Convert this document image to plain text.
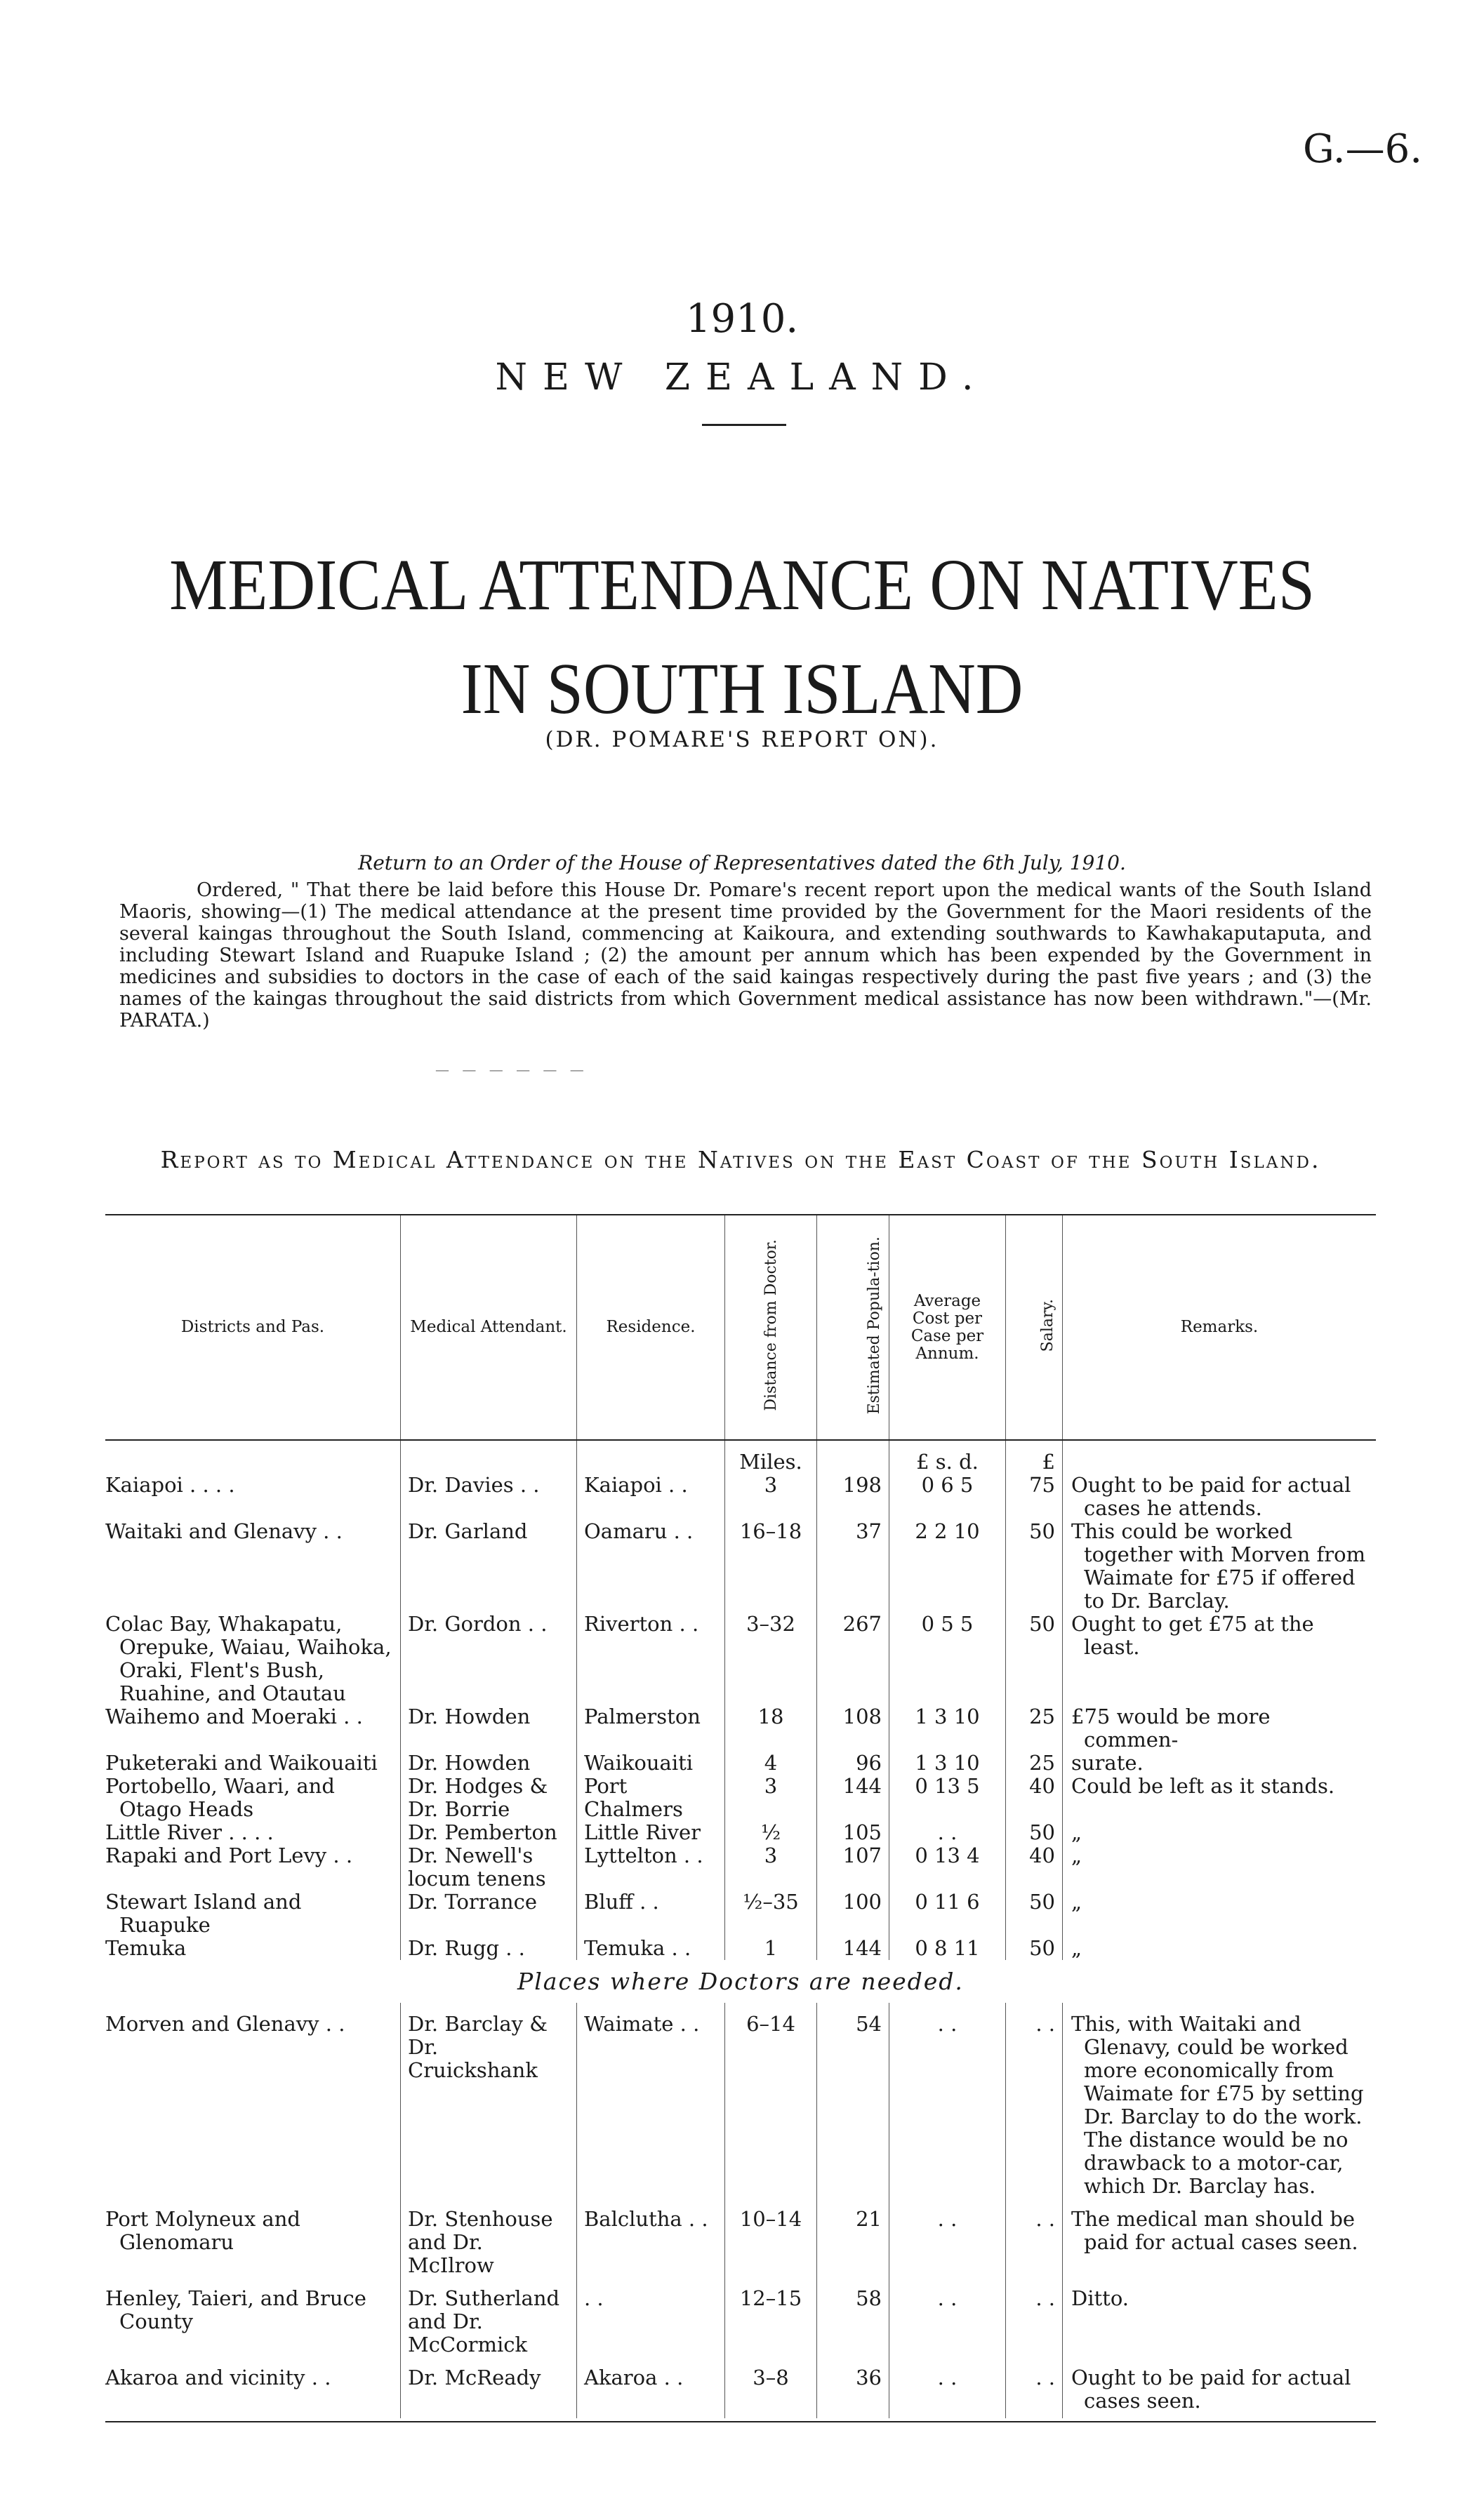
G.—6.
1910.
NEW ZEALAND.
MEDICAL ATTENDANCE ON NATIVES IN SOUTH ISLAND
(DR. POMARE'S REPORT ON).
Return to an Order of the House of Representatives dated the 6th July, 1910.
Ordered, " That there be laid before this House Dr. Pomare's recent report upon the medical wants of the South Island Maoris, showing—(1) The medical attendance at the present time provided by the Government for the Maori residents of the several kaingas throughout the South Island, commencing at Kaikoura, and extending southwards to Kawhakaputaputa, and including Stewart Island and Ruapuke Island ; (2) the amount per annum which has been expended by the Government in medicines and subsidies to doctors in the case of each of the said kaingas respectively during the past five years ; and (3) the names of the kaingas throughout the said districts from which Government medical assistance has now been withdrawn."—(Mr. PARATA.)
— — — — — —
Report as to Medical Attendance on the Natives on the East Coast of the South Island.
Districts and Pas.	Medical Attendant.	Residence.	Distance from Doctor.	Estimated Popula-tion.	Average Cost per Case per Annum.	Salary.	Remarks.
			Miles.		£ s. d.	£	
Kaiapoi . . . .	Dr. Davies . .	Kaiapoi . .	3	198	0 6 5	75	Ought to be paid for actual cases he attends.
Waitaki and Glenavy . .	Dr. Garland	Oamaru . .	16–18	37	2 2 10	50	This could be worked together with Morven from Waimate for £75 if offered to Dr. Barclay.
Colac Bay, Whakapatu, Orepuke, Waiau, Waihoka, Oraki, Flent's Bush, Ruahine, and Otautau	Dr. Gordon . .	Riverton . .	3–32	267	0 5 5	50	Ought to get £75 at the least.
Waihemo and Moeraki . .	Dr. Howden	Palmerston	18	108	1 3 10	25	£75 would be more commen-
Puketeraki and Waikouaiti	Dr. Howden	Waikouaiti	4	96	1 3 10	25	surate.
Portobello, Waari, and Otago Heads	Dr. Hodges & Dr. Borrie	Port Chalmers	3	144	0 13 5	40	Could be left as it stands.
Little River . . . .	Dr. Pemberton	Little River	½	105	. .	50	„
Rapaki and Port Levy . .	Dr. Newell's locum tenens	Lyttelton . .	3	107	0 13 4	40	„
Stewart Island and Ruapuke	Dr. Torrance	Bluff . .	½–35	100	0 11 6	50	„
Temuka	Dr. Rugg . .	Temuka . .	1	144	0 8 11	50	„
Places where Doctors are needed.							
Morven and Glenavy . .	Dr. Barclay & Dr. Cruickshank	Waimate . .	6–14	54	. .	. .	This, with Waitaki and Glenavy, could be worked more economically from Waimate for £75 by setting Dr. Barclay to do the work. The distance would be no drawback to a motor-car, which Dr. Barclay has.
Port Molyneux and Glenomaru	Dr. Stenhouse and Dr. McIlrow	Balclutha . .	10–14	21	. .	. .	The medical man should be paid for actual cases seen.
Henley, Taieri, and Bruce County	Dr. Sutherland and Dr. McCormick	. .	12–15	58	. .	. .	Ditto.
Akaroa and vicinity . .	Dr. McReady	Akaroa . .	3–8	36	. .	. .	Ought to be paid for actual cases seen.
